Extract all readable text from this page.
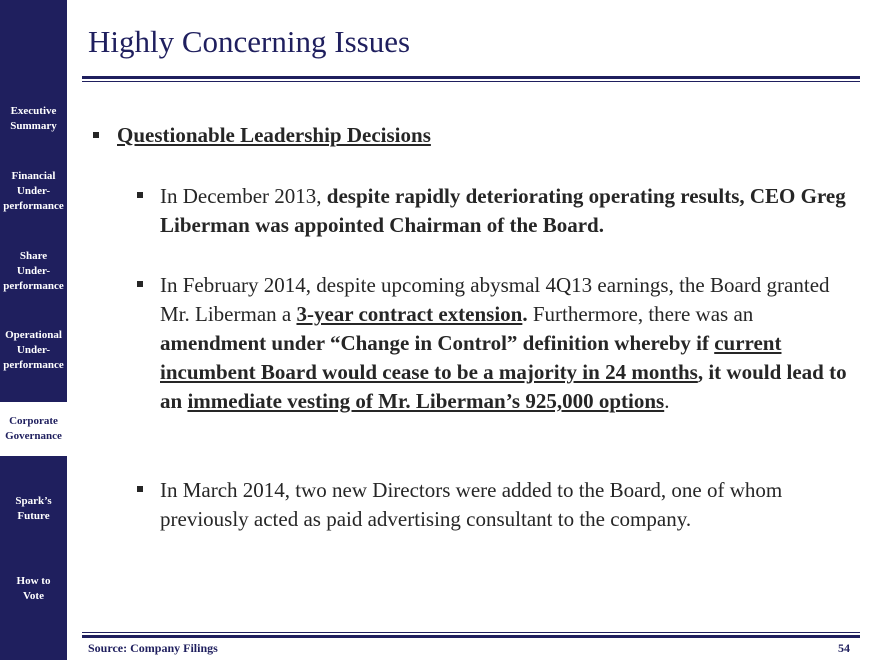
Executive
Summary
Financial
Under-
performance
Share
Under-
performance
Operational
Under-
performance
Corporate
Governance
Spark’s
Future
How to
Vote
Highly Concerning Issues
Questionable Leadership Decisions
In December 2013, despite rapidly deteriorating operating results, CEO Greg Liberman was appointed Chairman of the Board.
In February 2014, despite upcoming abysmal 4Q13 earnings, the Board granted Mr. Liberman a 3-year contract extension. Furthermore, there was an amendment under “Change in Control” definition whereby if current incumbent Board would cease to be a majority in 24 months, it would lead to an immediate vesting of Mr. Liberman’s 925,000 options.
In March 2014, two new Directors were added to the Board, one of whom previously acted as paid advertising consultant to the company.
Source: Company Filings	54
